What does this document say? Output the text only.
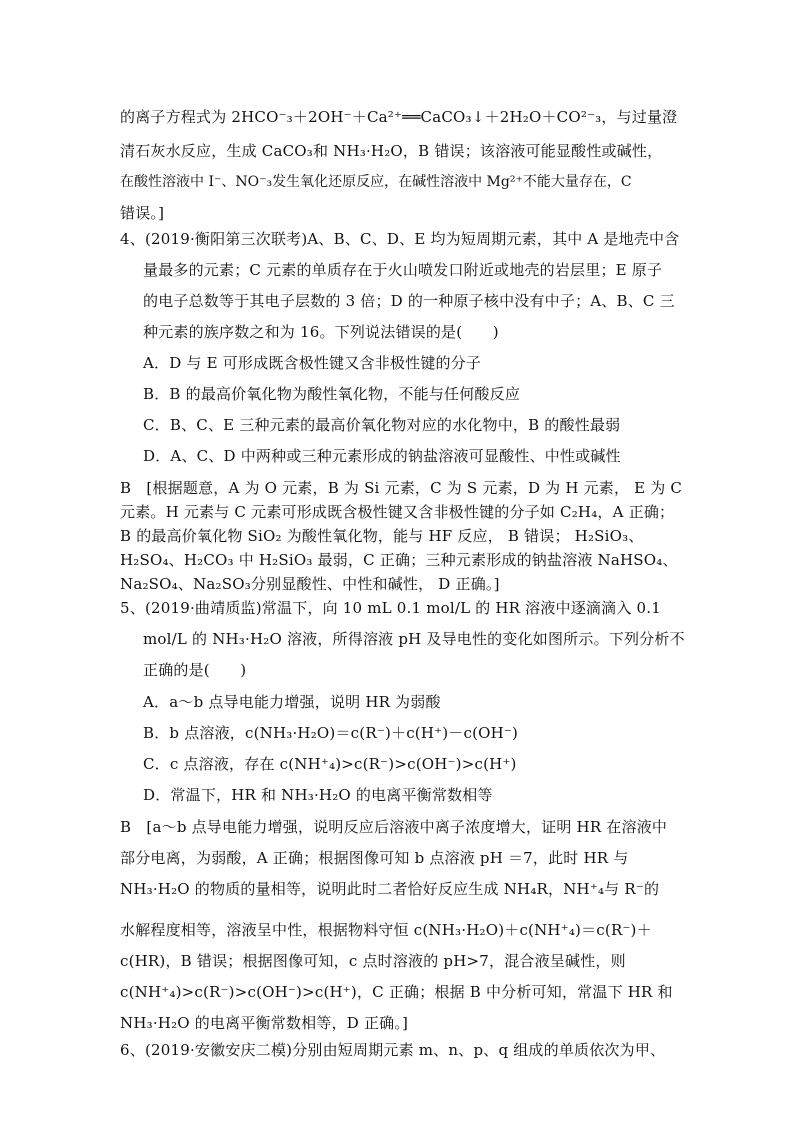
的离子方程式为 2HCO⁻₃＋2OH⁻＋Ca²⁺══CaCO₃↓＋2H₂O＋CO²⁻₃，与过量澄
清石灰水反应，生成 CaCO₃和 NH₃·H₂O，B 错误；该溶液可能显酸性或碱性，
在酸性溶液中 I⁻、NO⁻₃发生氧化还原反应，在碱性溶液中 Mg²⁺不能大量存在，C
错误。]
4、(2019·衡阳第三次联考)A、B、C、D、E 均为短周期元素，其中 A 是地壳中含
量最多的元素；C 元素的单质存在于火山喷发口附近或地壳的岩层里；E 原子
的电子总数等于其电子层数的 3 倍；D 的一种原子核中没有中子；A、B、C 三
种元素的族序数之和为 16。下列说法错误的是(　　)
A．D 与 E 可形成既含极性键又含非极性键的分子
B．B 的最高价氧化物为酸性氧化物，不能与任何酸反应
C．B、C、E 三种元素的最高价氧化物对应的水化物中，B 的酸性最弱
D．A、C、D 中两种或三种元素形成的钠盐溶液可显酸性、中性或碱性
B　[根据题意，A 为 O 元素，B 为 Si 元素，C 为 S 元素，D 为 H 元素， E 为 C
元素。H 元素与 C 元素可形成既含极性键又含非极性键的分子如 C₂H₄，A 正确；
B 的最高价氧化物 SiO₂ 为酸性氧化物，能与 HF 反应， B 错误； H₂SiO₃、
H₂SO₄、H₂CO₃ 中 H₂SiO₃ 最弱，C 正确；三种元素形成的钠盐溶液 NaHSO₄、
Na₂SO₄、Na₂SO₃分别显酸性、中性和碱性， D 正确。]
5、(2019·曲靖质监)常温下，向 10 mL 0.1 mol/L 的 HR 溶液中逐滴滴入 0.1
mol/L 的 NH₃·H₂O 溶液，所得溶液 pH 及导电性的变化如图所示。下列分析不
正确的是(　　)
A．a～b 点导电能力增强，说明 HR 为弱酸
B．b 点溶液，c(NH₃·H₂O)＝c(R⁻)＋c(H⁺)－c(OH⁻)
C．c 点溶液，存在 c(NH⁺₄)>c(R⁻)>c(OH⁻)>c(H⁺)
D．常温下，HR 和 NH₃·H₂O 的电离平衡常数相等
B　[a～b 点导电能力增强，说明反应后溶液中离子浓度增大，证明 HR 在溶液中
部分电离，为弱酸，A 正确；根据图像可知 b 点溶液 pH ＝7，此时 HR 与
NH₃·H₂O 的物质的量相等，说明此时二者恰好反应生成 NH₄R，NH⁺₄与 R⁻的
水解程度相等，溶液呈中性，根据物料守恒 c(NH₃·H₂O)＋c(NH⁺₄)＝c(R⁻)＋
c(HR)，B 错误；根据图像可知，c 点时溶液的 pH>7，混合液呈碱性，则
c(NH⁺₄)>c(R⁻)>c(OH⁻)>c(H⁺)，C 正确；根据 B 中分析可知，常温下 HR 和
NH₃·H₂O 的电离平衡常数相等，D 正确。]
6、(2019·安徽安庆二模)分别由短周期元素 m、n、p、q 组成的单质依次为甲、
